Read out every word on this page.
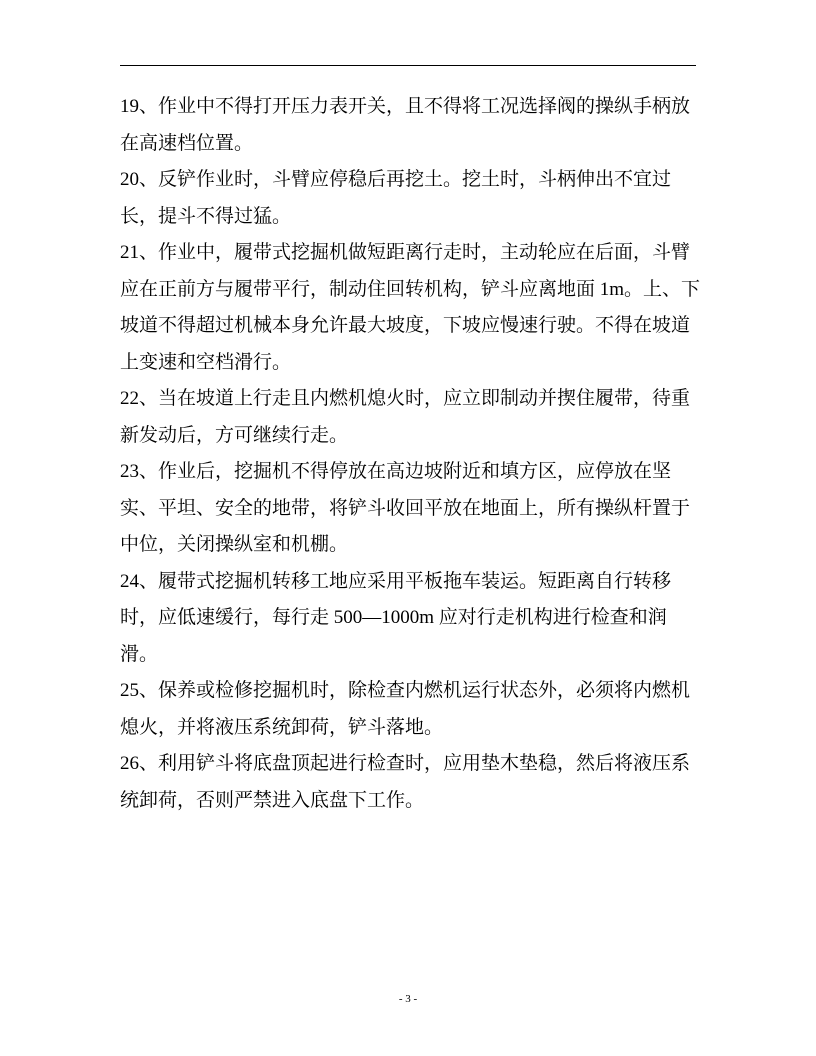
19、作业中不得打开压力表开关，且不得将工况选择阀的操纵手柄放
在高速档位置。
20、反铲作业时，斗臂应停稳后再挖土。挖土时，斗柄伸出不宜过
长，提斗不得过猛。
21、作业中，履带式挖掘机做短距离行走时，主动轮应在后面，斗臂
应在正前方与履带平行，制动住回转机构，铲斗应离地面 1m。上、下
坡道不得超过机械本身允许最大坡度，下坡应慢速行驶。不得在坡道
上变速和空档滑行。
22、当在坡道上行走且内燃机熄火时，应立即制动并揳住履带，待重
新发动后，方可继续行走。
23、作业后，挖掘机不得停放在高边坡附近和填方区，应停放在坚
实、平坦、安全的地带，将铲斗收回平放在地面上，所有操纵杆置于
中位，关闭操纵室和机棚。
24、履带式挖掘机转移工地应采用平板拖车装运。短距离自行转移
时，应低速缓行，每行走 500—1000m 应对行走机构进行检查和润
滑。
25、保养或检修挖掘机时，除检查内燃机运行状态外，必须将内燃机
熄火，并将液压系统卸荷，铲斗落地。
26、利用铲斗将底盘顶起进行检查时，应用垫木垫稳，然后将液压系
统卸荷，否则严禁进入底盘下工作。
- 3 -
